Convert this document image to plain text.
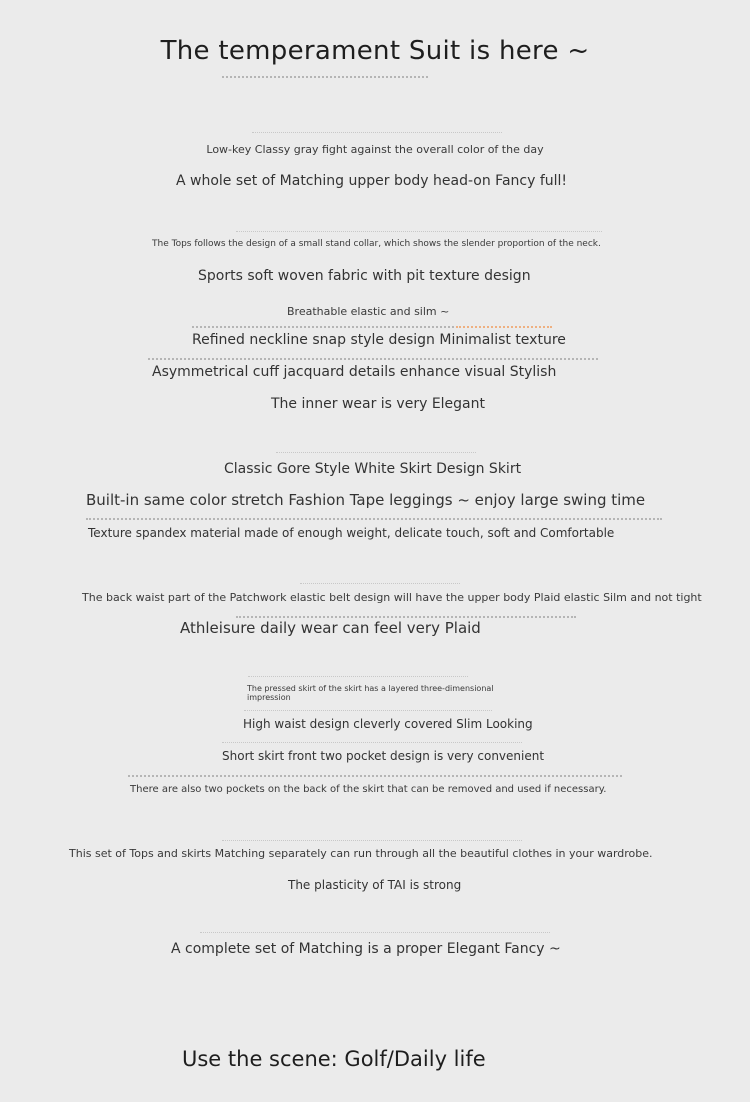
The temperament Suit is here ~
Low-key Classy gray fight against the overall color of the day
A whole set of Matching upper body head-on Fancy full!
The Tops follows the design of a small stand collar, which shows the slender proportion of the neck.
Sports soft woven fabric with pit texture design
Breathable elastic and silm ~
Refined neckline snap style design Minimalist texture
Asymmetrical cuff jacquard details enhance visual Stylish
The inner wear is very Elegant
Classic Gore Style White Skirt Design Skirt
Built-in same color stretch Fashion Tape leggings ~ enjoy large swing time
Texture spandex material made of enough weight, delicate touch, soft and Comfortable
The back waist part of the Patchwork elastic belt design will have the upper body Plaid elastic Silm and not tight
Athleisure daily wear can feel very Plaid
The pressed skirt of the skirt has a layered three-dimensional
impression
High waist design cleverly covered Slim Looking
Short skirt front two pocket design is very convenient
There are also two pockets on the back of the skirt that can be removed and used if necessary.
This set of Tops and skirts Matching separately can run through all the beautiful clothes in your wardrobe.
The plasticity of TAI is strong
A complete set of Matching is a proper Elegant Fancy ~
Use the scene: Golf/Daily life
